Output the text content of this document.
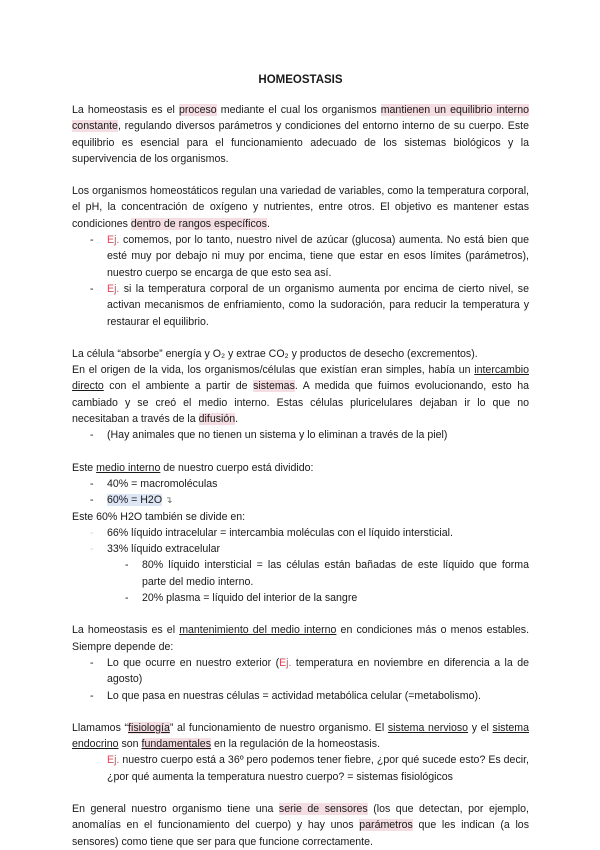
HOMEOSTASIS

La homeostasis es el proceso mediante el cual los organismos mantienen un equilibrio interno constante, regulando diversos parámetros y condiciones del entorno interno de su cuerpo. Este equilibrio es esencial para el funcionamiento adecuado de los sistemas biológicos y la supervivencia de los organismos.

Los organismos homeostáticos regulan una variedad de variables, como la temperatura corporal, el pH, la concentración de oxígeno y nutrientes, entre otros. El objetivo es mantener estas condiciones dentro de rangos específicos.

- Ej. comemos, por lo tanto, nuestro nivel de azúcar (glucosa) aumenta. No está bien que esté muy por debajo ni muy por encima, tiene que estar en esos límites (parámetros), nuestro cuerpo se encarga de que esto sea así.
- Ej. si la temperatura corporal de un organismo aumenta por encima de cierto nivel, se activan mecanismos de enfriamiento, como la sudoración, para reducir la temperatura y restaurar el equilibrio.

La célula “absorbe” energía y O₂ y extrae CO₂ y productos de desecho (excrementos).

En el origen de la vida, los organismos/células que existían eran simples, había un intercambio directo con el ambiente a partir de sistemas. A medida que fuimos evolucionando, esto ha cambiado y se creó el medio interno. Estas células pluricelulares dejaban ir lo que no necesitaban a través de la difusión.

- (Hay animales que no tienen un sistema y lo eliminan a través de la piel)

Este medio interno de nuestro cuerpo está dividido:

- 40% = macromoléculas
- 60% = H2O ↴

Este 60% H2O también se divide en:

- 66% líquido intracelular = intercambia moléculas con el líquido intersticial.
- 33% líquido extracelular
- 80% líquido intersticial = las células están bañadas de este líquido que forma parte del medio interno.
- 20% plasma = líquido del interior de la sangre

La homeostasis es el mantenimiento del medio interno en condiciones más o menos estables. Siempre depende de:

- Lo que ocurre en nuestro exterior (Ej. temperatura en noviembre en diferencia a la de agosto)
- Lo que pasa en nuestras células = actividad metabólica celular (=metabolismo).

Llamamos “fisiología” al funcionamiento de nuestro organismo. El sistema nervioso y el sistema endocrino son fundamentales en la regulación de la homeostasis.

Ej. nuestro cuerpo está a 36º pero podemos tener fiebre, ¿por qué sucede esto? Es decir, ¿por qué aumenta la temperatura nuestro cuerpo? = sistemas fisiológicos

En general nuestro organismo tiene una serie de sensores (los que detectan, por ejemplo, anomalías en el funcionamiento del cuerpo) y hay unos parámetros que les indican (a los sensores) como tiene que ser para que funcione correctamente.
